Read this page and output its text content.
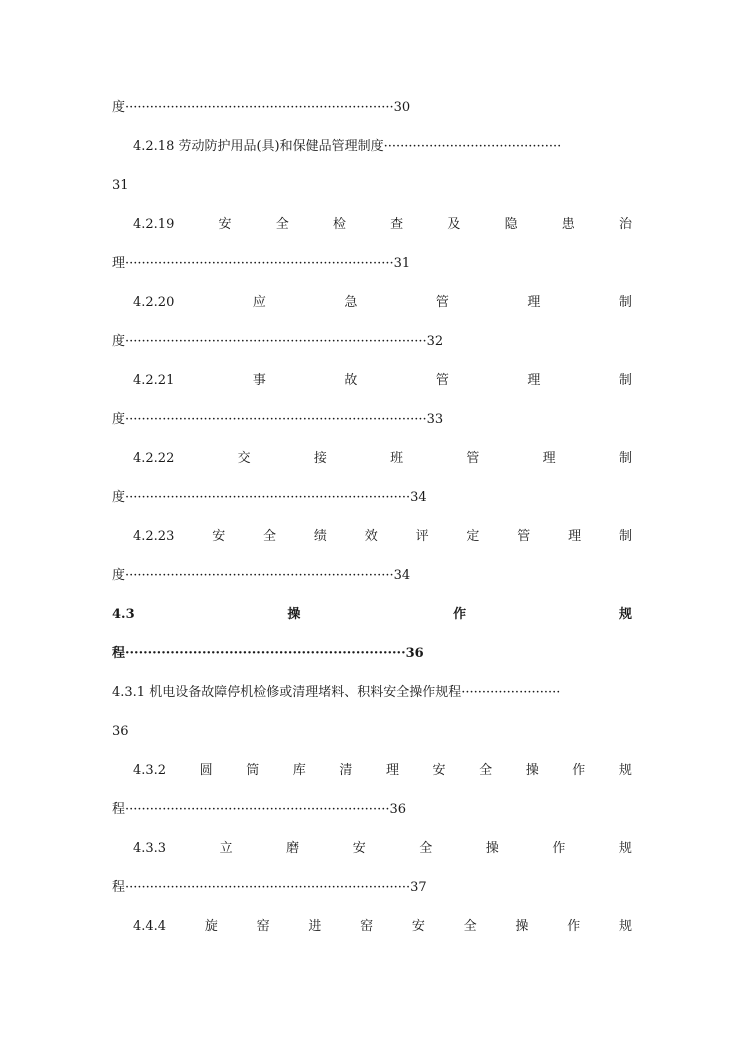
度·································································30
4.2.18 劳动防护用品(具)和保健品管理制度···········································
31
4.2.19	安	全	检	查	及	隐	患	治
理·································································31
4.2.20	应	急	管	理	制
度·········································································32
4.2.21	事	故	管	理	制
度·········································································33
4.2.22	交	接	班	管	理	制
度·····································································34
4.2.23	安	全	绩	效	评	定	管	理	制
度·································································34
4.3	操	作	规
程······························································36
4.3.1 机电设备故障停机检修或清理堵料、积料安全操作规程························
36
4.3.2	圆	筒	库	清	理	安	全	操	作	规
程································································36
4.3.3	立	磨	安	全	操	作	规
程·····································································37
4.4.4	旋	窑	进	窑	安	全	操	作	规
